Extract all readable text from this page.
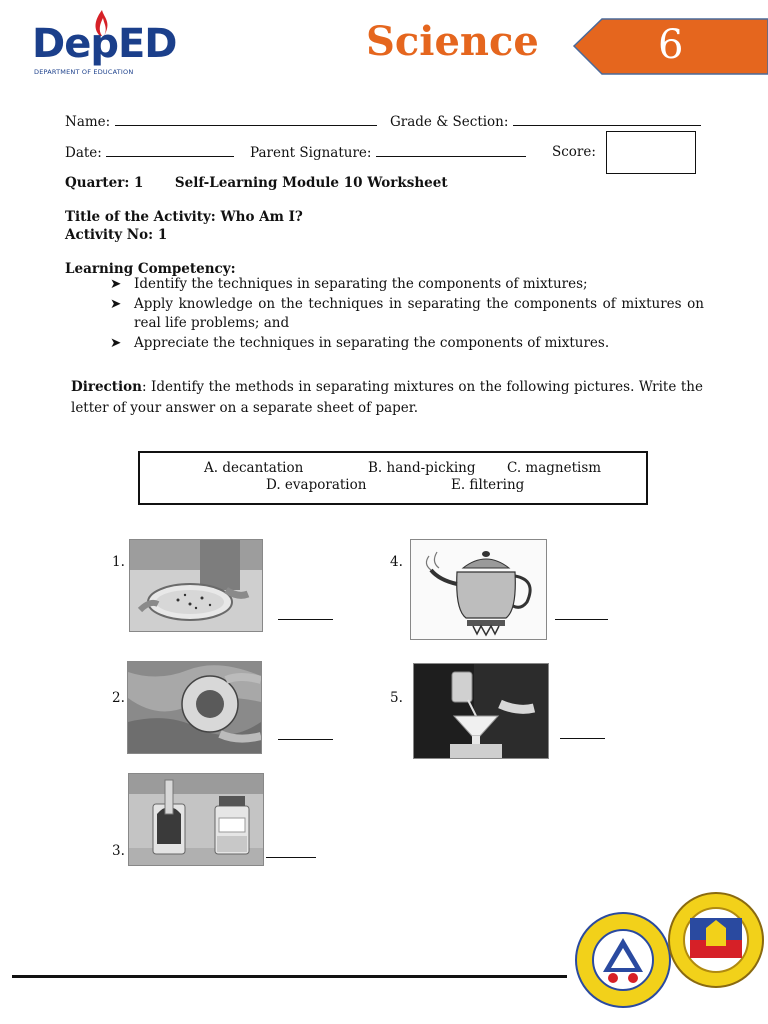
DepED
DEPARTMENT OF EDUCATION
Science	6
Name:	Grade & Section:
Date:	Parent Signature:	Score:
Quarter: 1 Self-Learning Module 10 Worksheet
Title of the Activity: Who Am I?
Activity No: 1
Learning Competency:
➤ Identify the techniques in separating the components of mixtures;
➤ Apply knowledge on the techniques in separating the components of mixtures on real life problems; and
➤ Appreciate the techniques in separating the components of mixtures.
Direction: Identify the methods in separating mixtures on the following pictures. Write the letter of your answer on a separate sheet of paper.
A. decantation	B. hand-picking C. magnetism
D. evaporation	E. filtering
1.	4.
2.	5.
3.
